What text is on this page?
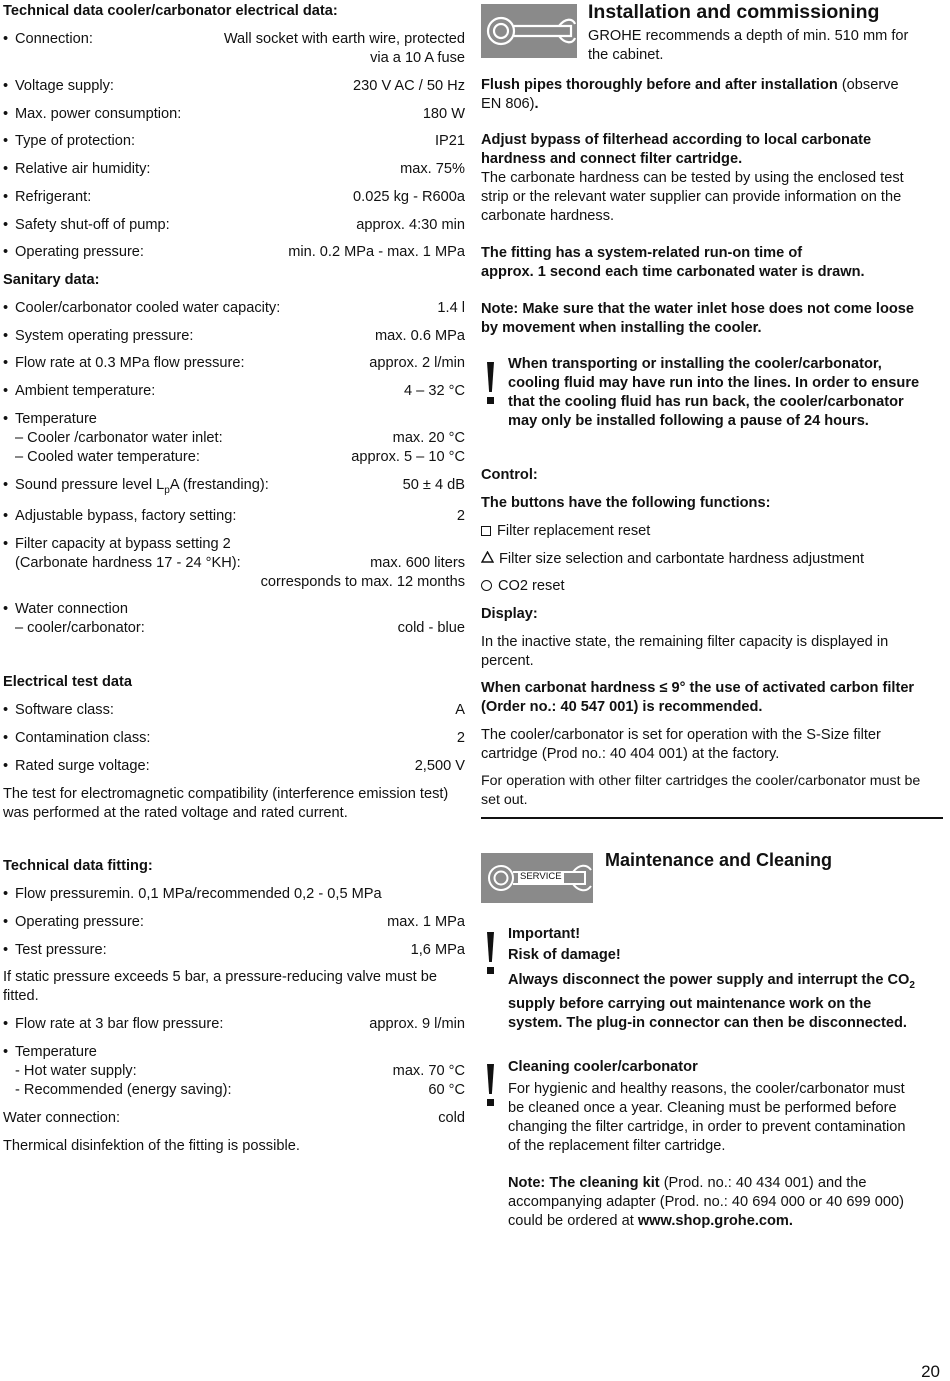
Technical data cooler/carbonator electrical data:
• Connection:	Wall socket with earth wire, protected
via a 10 A fuse
• Voltage supply:	230 V AC / 50 Hz
• Max. power consumption:	180 W
• Type of protection:	IP21
• Relative air humidity:	max. 75%
• Refrigerant:	0.025 kg - R600a
• Safety shut-off of pump:	approx. 4:30 min
• Operating pressure:	min. 0.2 MPa - max. 1 MPa
Sanitary data:
• Cooler/carbonator cooled water capacity:	1.4 l
• System operating pressure:	max. 0.6 MPa
• Flow rate at 0.3 MPa flow pressure:	approx. 2 l/min
• Ambient temperature:	4 – 32 °C
• Temperature
– Cooler /carbonator water inlet:	max. 20 °C
– Cooled water temperature:	approx. 5 – 10 °C
• Sound pressure level $L_pA$ (frestanding):	50 ± 4 dB
• Adjustable bypass, factory setting:	2
• Filter capacity at bypass setting 2
(Carbonate hardness 17 - 24 °KH):	max. 600 liters
corresponds to max. 12 months
• Water connection
– cooler/carbonator:	cold - blue
Electrical test data
• Software class:	A
• Contamination class:	2
• Rated surge voltage:	2,500 V
The test for electromagnetic compatibility (interference emission test)
was performed at the rated voltage and rated current.
Technical data fitting:
• Flow pressuremin. 0,1 MPa/recommended 0,2 - 0,5 MPa
• Operating pressure:	max. 1 MPa
• Test pressure:	1,6 MPa
If static pressure exceeds 5 bar, a pressure-reducing valve must be
fitted.
• Flow rate at 3 bar flow pressure:	approx. 9 l/min
• Temperature
- Hot water supply:	max. 70 °C
- Recommended (energy saving):	60 °C
Water connection:	cold
Thermical disinfektion of the fitting is possible.
Installation and commissioning
GROHE recommends a depth of min. 510 mm for
the cabinet.
Flush pipes thoroughly before and after installation (observe
EN 806).
Adjust bypass of filterhead according to local carbonate
hardness and connect filter cartridge.
The carbonate hardness can be tested by using the enclosed test
strip or the relevant water supplier can provide information on the
carbonate hardness.
The fitting has a system-related run-on time of
approx. 1 second each time carbonated water is drawn.
Note: Make sure that the water inlet hose does not come loose
by movement when installing the cooler.
When transporting or installing the cooler/carbonator,
cooling fluid may have run into the lines. In order to ensure
that the cooling fluid has run back, the cooler/carbonator
may only be installed following a pause of 24 hours.
Control:
The buttons have the following functions:
Filter replacement reset
Filter size selection and carbontate hardness adjustment
CO2 reset
Display:
In the inactive state, the remaining filter capacity is displayed in
percent.
When carbonat hardness ≤ 9° the use of activated carbon filter
(Order no.: 40 547 001) is recommended.
The cooler/carbonator is set for operation with the S-Size filter
cartridge (Prod no.: 40 404 001) at the factory.
For operation with other filter cartridges the cooler/carbonator must be
set out.
SERVICE
Maintenance and Cleaning
Important!
Risk of damage!
Always disconnect the power supply and interrupt the $CO_2$
supply before carrying out maintenance work on the
system. The plug-in connector can then be disconnected.
Cleaning cooler/carbonator
For hygienic and healthy reasons, the cooler/carbonator must
be cleaned once a year. Cleaning must be performed before
changing the filter cartridge, in order to prevent contamination
of the replacement filter cartridge.
Note: The cleaning kit (Prod. no.: 40 434 001) and the
accompanying adapter (Prod. no.: 40 694 000 or 40 699 000)
could be ordered at www.shop.grohe.com.
20
